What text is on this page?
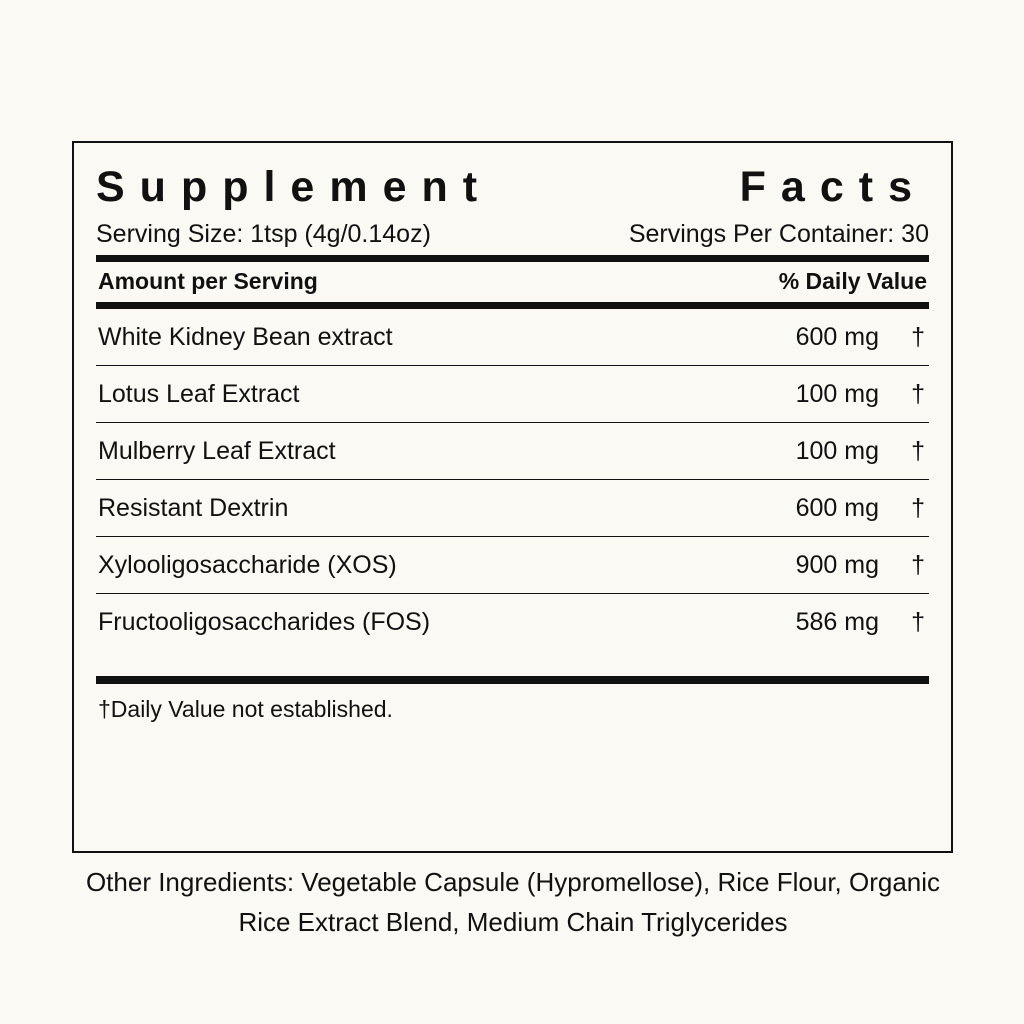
Supplement	Facts
Serving Size: 1tsp (4g/0.14oz)	Servings Per Container: 30
Amount per Serving	% Daily Value
White Kidney Bean extract	600 mg	†
Lotus Leaf Extract	100 mg	†
Mulberry Leaf Extract	100 mg	†
Resistant Dextrin	600 mg	†
Xylooligosaccharide (XOS)	900 mg	†
Fructooligosaccharides (FOS)	586 mg	†
†Daily Value not established.
Other Ingredients: Vegetable Capsule (Hypromellose), Rice Flour, Organic Rice Extract Blend, Medium Chain Triglycerides
